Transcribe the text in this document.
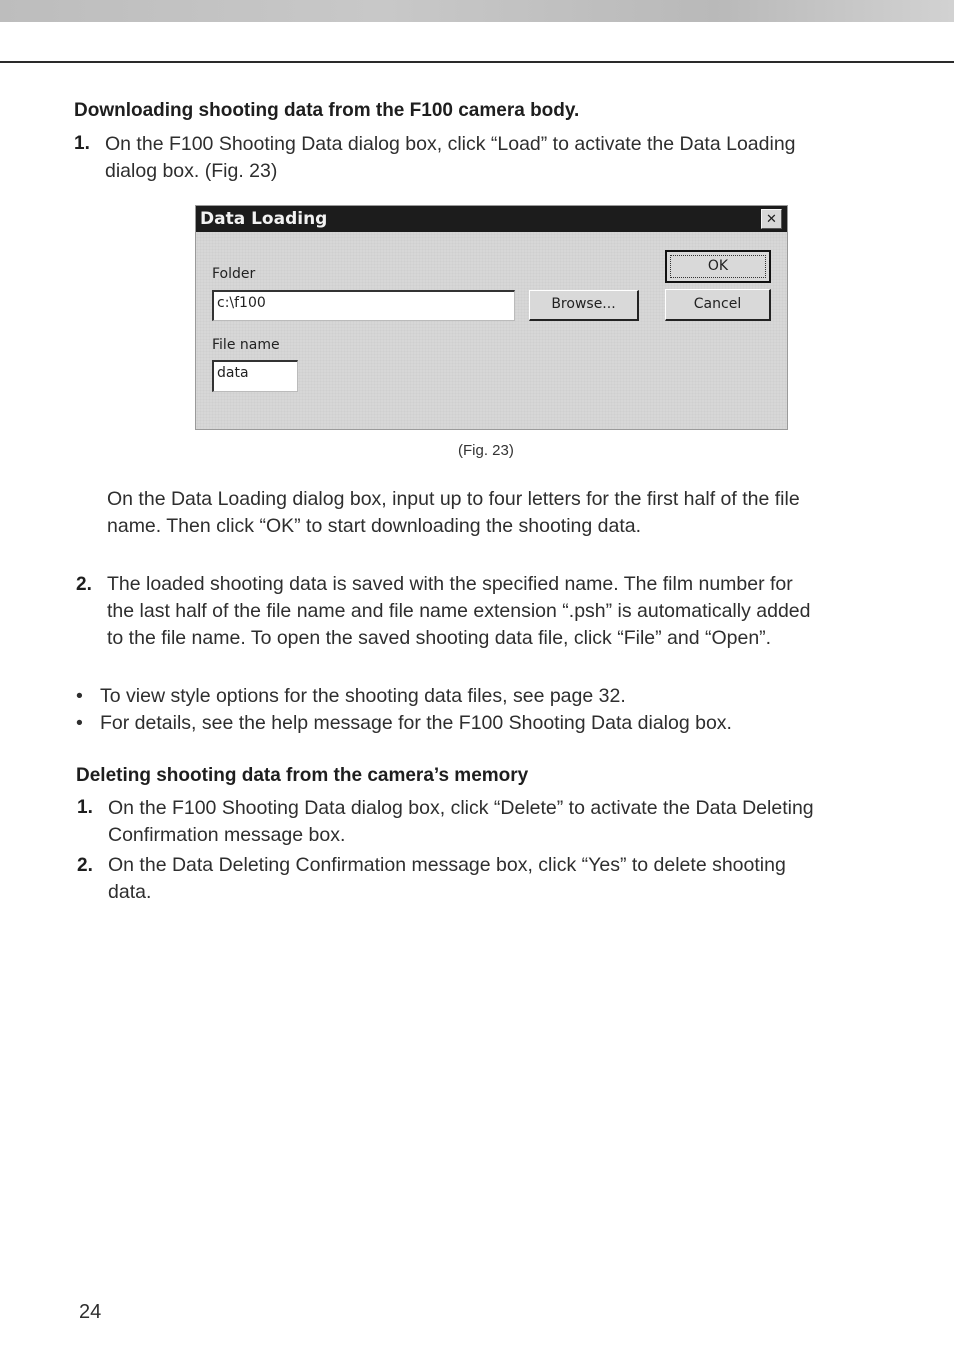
Downloading shooting data from the F100 camera body.
1. On the F100 Shooting Data dialog box, click “Load” to activate the Data Loading
dialog box. (Fig. 23)

Data Loading	✕
Folder
c:\f100	Browse...
OK
Cancel
File name
data
(Fig. 23)

On the Data Loading dialog box, input up to four letters for the first half of the file
name. Then click “OK” to start downloading the shooting data.

2. The loaded shooting data is saved with the specified name. The film number for
the last half of the file name and file name extension “.psh” is automatically added
to the file name. To open the saved shooting data file, click “File” and “Open”.

• To view style options for the shooting data files, see page 32.
• For details, see the help message for the F100 Shooting Data dialog box.
Deleting shooting data from the camera’s memory
1. On the F100 Shooting Data dialog box, click “Delete” to activate the Data Deleting
Confirmation message box.

2. On the Data Deleting Confirmation message box, click “Yes” to delete shooting
data.

24
